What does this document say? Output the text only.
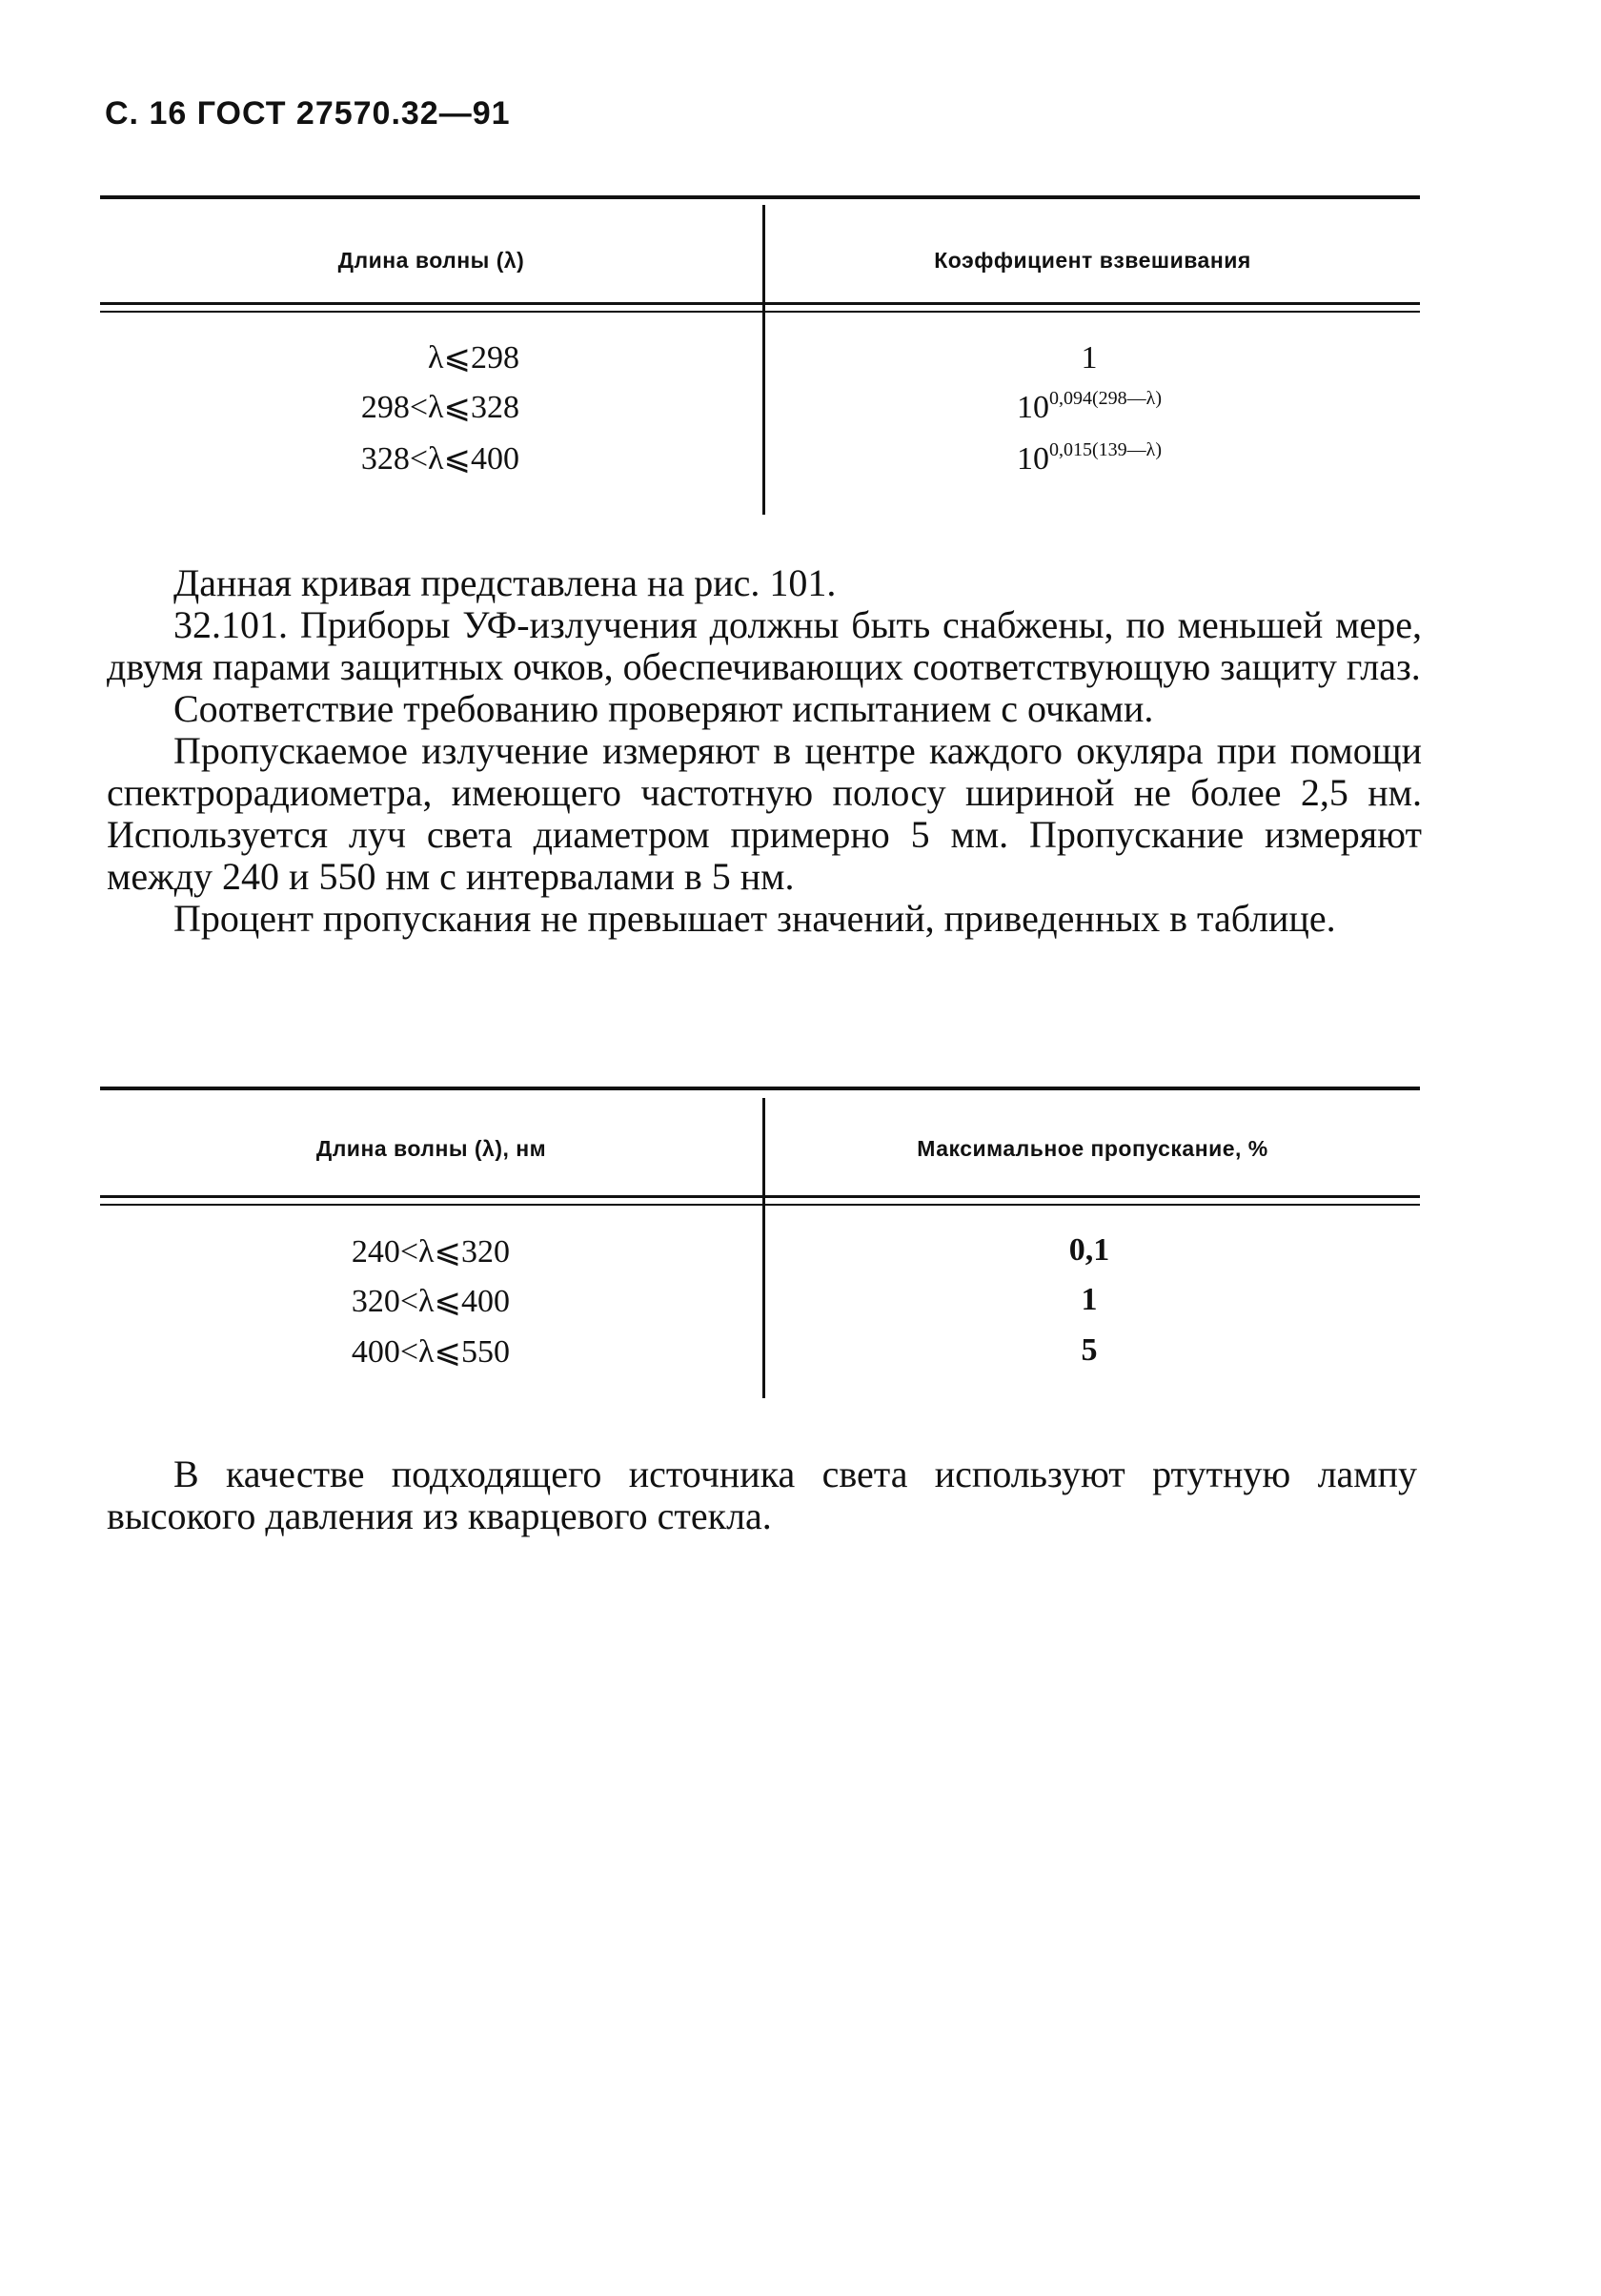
С. 16 ГОСТ 27570.32—91
Длина волны (λ)	Коэффициент взвешивания
λ⩽298	1
298<λ⩽328	$10^{0,094(298—\lambda)}$
328<λ⩽400	$10^{0,015(139—\lambda)}$

Данная кривая представлена на рис. 101.

32.101. Приборы УФ-излучения должны быть снабжены, по меньшей мере, двумя парами защитных очков, обеспечивающих соответствующую защиту глаз.

Соответствие требованию проверяют испытанием с очками.

Пропускаемое излучение измеряют в центре каждого окуляра при помощи спектрорадиометра, имеющего частотную полосу шириной не более 2,5 нм. Используется луч света диаметром примерно 5 мм. Пропускание измеряют между 240 и 550 нм с интервалами в 5 нм.

Процент пропускания не превышает значений, приведенных в таблице.

Длина волны (λ), нм	Максимальное пропускание, %
240<λ⩽320	0,1
320<λ⩽400	1
400<λ⩽550	5

В качестве подходящего источника света используют ртутную лампу высокого давления из кварцевого стекла.
